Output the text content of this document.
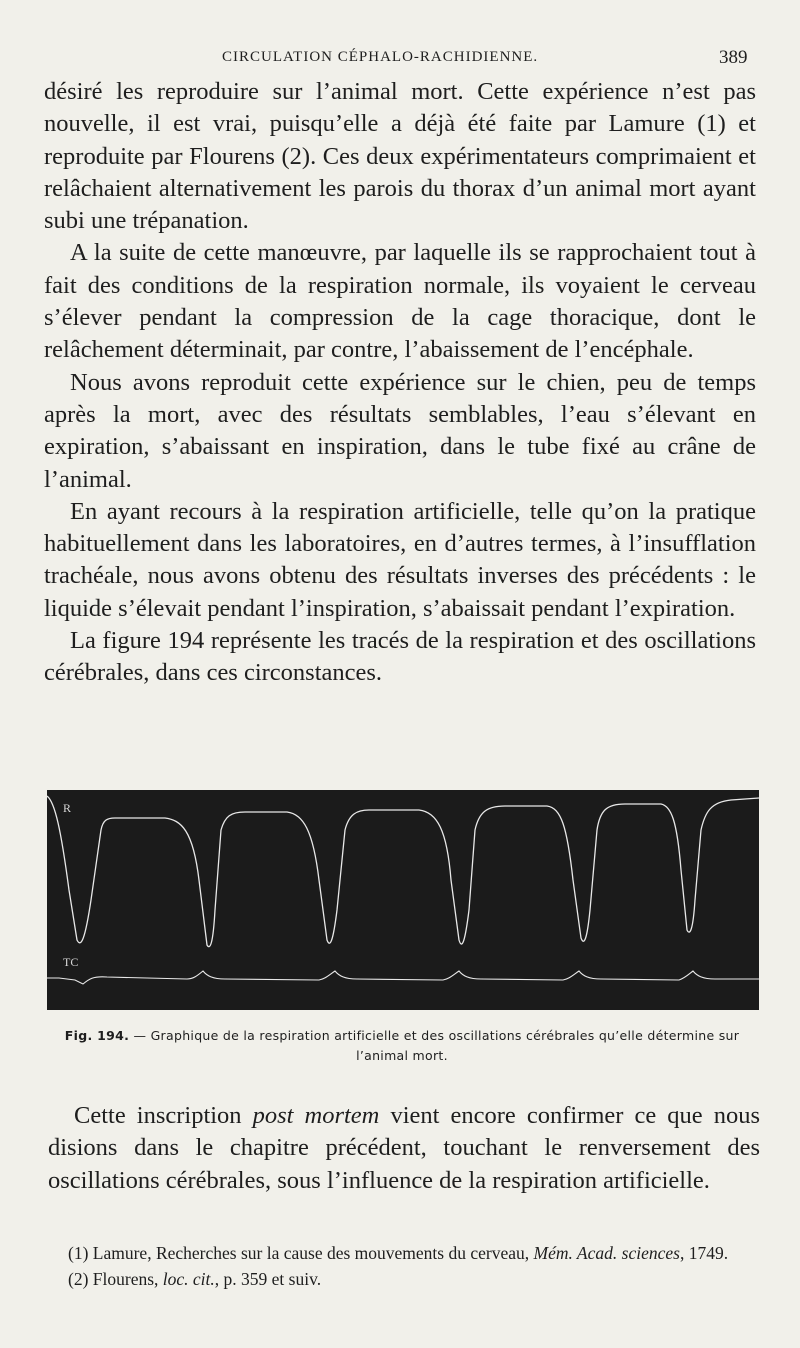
CIRCULATION CÉPHALO-RACHIDIENNE.	389

désiré les reproduire sur l’animal mort. Cette expérience n’est pas nouvelle, il est vrai, puisqu’elle a déjà été faite par Lamure (1) et reproduite par Flourens (2). Ces deux expérimentateurs comprimaient et relâchaient alternativement les parois du thorax d’un animal mort ayant subi une trépanation.

A la suite de cette manœuvre, par laquelle ils se rapprochaient tout à fait des conditions de la respiration normale, ils voyaient le cerveau s’élever pendant la compression de la cage thoracique, dont le relâchement déterminait, par contre, l’abaissement de l’encéphale.

Nous avons reproduit cette expérience sur le chien, peu de temps après la mort, avec des résultats semblables, l’eau s’élevant en expiration, s’abaissant en inspiration, dans le tube fixé au crâne de l’animal.

En ayant recours à la respiration artificielle, telle qu’on la pratique habituellement dans les laboratoires, en d’autres termes, à l’insufflation trachéale, nous avons obtenu des résultats inverses des précédents : le liquide s’élevait pendant l’inspiration, s’abaissait pendant l’expiration.

La figure 194 représente les tracés de la respiration et des oscillations cérébrales, dans ces circonstances.

R
TC
Fig. 194. — Graphique de la respiration artificielle et des oscillations cérébrales qu’elle détermine sur l’animal mort.

Cette inscription post mortem vient encore confirmer ce que nous disions dans le chapitre précédent, touchant le renversement des oscillations cérébrales, sous l’influence de la respiration artificielle.

(1) Lamure, Recherches sur la cause des mouvements du cerveau, Mém. Acad. sciences, 1749.

(2) Flourens, loc. cit., p. 359 et suiv.
